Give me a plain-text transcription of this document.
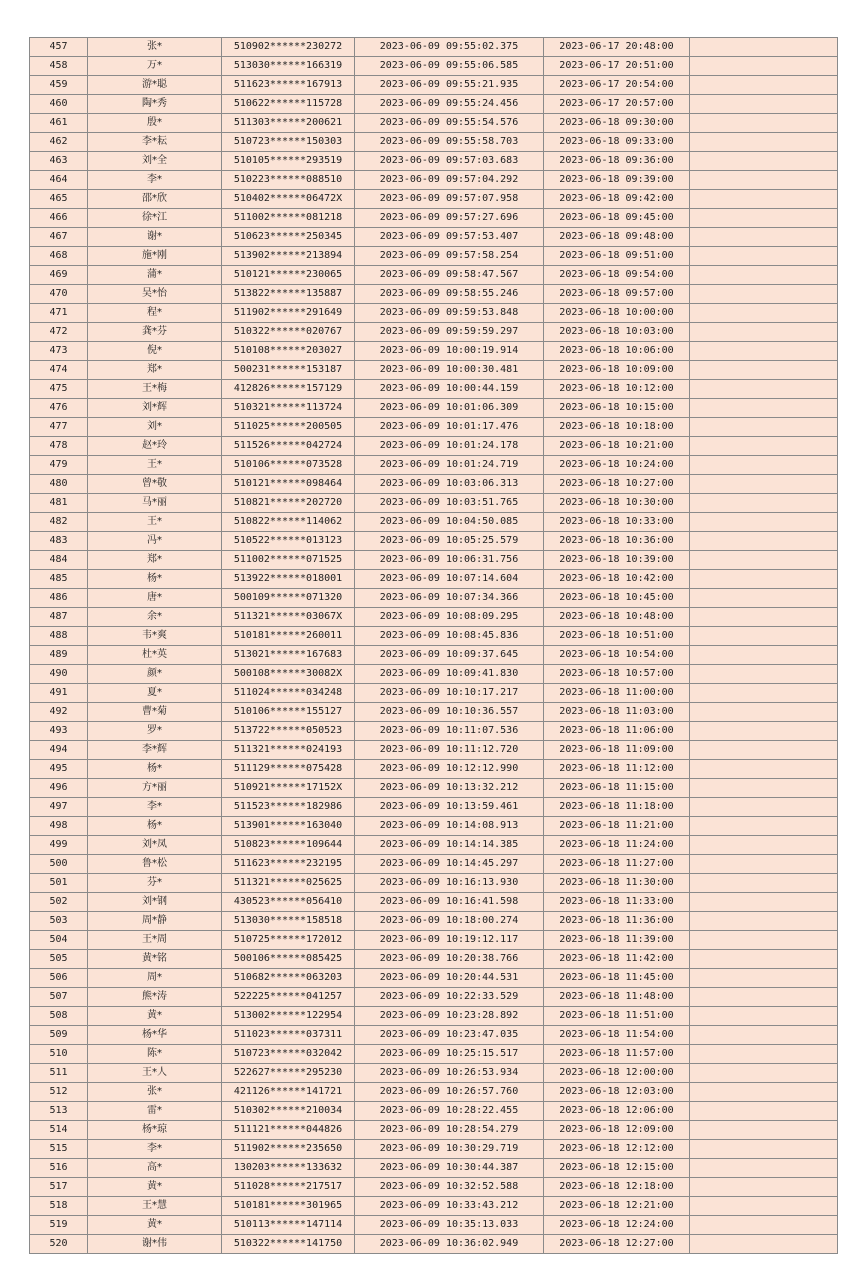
457	张*	510902******230272	2023-06-09 09:55:02.375	2023-06-17 20:48:00	
458	万*	513030******166319	2023-06-09 09:55:06.585	2023-06-17 20:51:00	
459	游*聪	511623******167913	2023-06-09 09:55:21.935	2023-06-17 20:54:00	
460	陶*秀	510622******115728	2023-06-09 09:55:24.456	2023-06-17 20:57:00	
461	殷*	511303******200621	2023-06-09 09:55:54.576	2023-06-18 09:30:00	
462	李*耘	510723******150303	2023-06-09 09:55:58.703	2023-06-18 09:33:00	
463	刘*全	510105******293519	2023-06-09 09:57:03.683	2023-06-18 09:36:00	
464	李*	510223******088510	2023-06-09 09:57:04.292	2023-06-18 09:39:00	
465	邵*欣	510402******06472X	2023-06-09 09:57:07.958	2023-06-18 09:42:00	
466	徐*江	511002******081218	2023-06-09 09:57:27.696	2023-06-18 09:45:00	
467	谢*	510623******250345	2023-06-09 09:57:53.407	2023-06-18 09:48:00	
468	施*刚	513902******213894	2023-06-09 09:57:58.254	2023-06-18 09:51:00	
469	蒲*	510121******230065	2023-06-09 09:58:47.567	2023-06-18 09:54:00	
470	吴*怡	513822******135887	2023-06-09 09:58:55.246	2023-06-18 09:57:00	
471	程*	511902******291649	2023-06-09 09:59:53.848	2023-06-18 10:00:00	
472	龚*芬	510322******020767	2023-06-09 09:59:59.297	2023-06-18 10:03:00	
473	倪*	510108******203027	2023-06-09 10:00:19.914	2023-06-18 10:06:00	
474	郑*	500231******153187	2023-06-09 10:00:30.481	2023-06-18 10:09:00	
475	王*梅	412826******157129	2023-06-09 10:00:44.159	2023-06-18 10:12:00	
476	刘*辉	510321******113724	2023-06-09 10:01:06.309	2023-06-18 10:15:00	
477	刘*	511025******200505	2023-06-09 10:01:17.476	2023-06-18 10:18:00	
478	赵*玲	511526******042724	2023-06-09 10:01:24.178	2023-06-18 10:21:00	
479	王*	510106******073528	2023-06-09 10:01:24.719	2023-06-18 10:24:00	
480	曾*敬	510121******098464	2023-06-09 10:03:06.313	2023-06-18 10:27:00	
481	马*丽	510821******202720	2023-06-09 10:03:51.765	2023-06-18 10:30:00	
482	王*	510822******114062	2023-06-09 10:04:50.085	2023-06-18 10:33:00	
483	冯*	510522******013123	2023-06-09 10:05:25.579	2023-06-18 10:36:00	
484	郑*	511002******071525	2023-06-09 10:06:31.756	2023-06-18 10:39:00	
485	杨*	513922******018001	2023-06-09 10:07:14.604	2023-06-18 10:42:00	
486	唐*	500109******071320	2023-06-09 10:07:34.366	2023-06-18 10:45:00	
487	余*	511321******03067X	2023-06-09 10:08:09.295	2023-06-18 10:48:00	
488	韦*爽	510181******260011	2023-06-09 10:08:45.836	2023-06-18 10:51:00	
489	杜*英	513021******167683	2023-06-09 10:09:37.645	2023-06-18 10:54:00	
490	颜*	500108******30082X	2023-06-09 10:09:41.830	2023-06-18 10:57:00	
491	夏*	511024******034248	2023-06-09 10:10:17.217	2023-06-18 11:00:00	
492	曹*菊	510106******155127	2023-06-09 10:10:36.557	2023-06-18 11:03:00	
493	罗*	513722******050523	2023-06-09 10:11:07.536	2023-06-18 11:06:00	
494	李*辉	511321******024193	2023-06-09 10:11:12.720	2023-06-18 11:09:00	
495	杨*	511129******075428	2023-06-09 10:12:12.990	2023-06-18 11:12:00	
496	方*丽	510921******17152X	2023-06-09 10:13:32.212	2023-06-18 11:15:00	
497	李*	511523******182986	2023-06-09 10:13:59.461	2023-06-18 11:18:00	
498	杨*	513901******163040	2023-06-09 10:14:08.913	2023-06-18 11:21:00	
499	刘*凤	510823******109644	2023-06-09 10:14:14.385	2023-06-18 11:24:00	
500	鲁*松	511623******232195	2023-06-09 10:14:45.297	2023-06-18 11:27:00	
501	芬*	511321******025625	2023-06-09 10:16:13.930	2023-06-18 11:30:00	
502	刘*钢	430523******056410	2023-06-09 10:16:41.598	2023-06-18 11:33:00	
503	周*静	513030******158518	2023-06-09 10:18:00.274	2023-06-18 11:36:00	
504	王*周	510725******172012	2023-06-09 10:19:12.117	2023-06-18 11:39:00	
505	黄*铭	500106******085425	2023-06-09 10:20:38.766	2023-06-18 11:42:00	
506	周*	510682******063203	2023-06-09 10:20:44.531	2023-06-18 11:45:00	
507	熊*涛	522225******041257	2023-06-09 10:22:33.529	2023-06-18 11:48:00	
508	黄*	513002******122954	2023-06-09 10:23:28.892	2023-06-18 11:51:00	
509	杨*华	511023******037311	2023-06-09 10:23:47.035	2023-06-18 11:54:00	
510	陈*	510723******032042	2023-06-09 10:25:15.517	2023-06-18 11:57:00	
511	王*人	522627******295230	2023-06-09 10:26:53.934	2023-06-18 12:00:00	
512	张*	421126******141721	2023-06-09 10:26:57.760	2023-06-18 12:03:00	
513	雷*	510302******210034	2023-06-09 10:28:22.455	2023-06-18 12:06:00	
514	杨*琼	511121******044826	2023-06-09 10:28:54.279	2023-06-18 12:09:00	
515	李*	511902******235650	2023-06-09 10:30:29.719	2023-06-18 12:12:00	
516	高*	130203******133632	2023-06-09 10:30:44.387	2023-06-18 12:15:00	
517	黄*	511028******217517	2023-06-09 10:32:52.588	2023-06-18 12:18:00	
518	王*慧	510181******301965	2023-06-09 10:33:43.212	2023-06-18 12:21:00	
519	黄*	510113******147114	2023-06-09 10:35:13.033	2023-06-18 12:24:00	
520	谢*伟	510322******141750	2023-06-09 10:36:02.949	2023-06-18 12:27:00	
